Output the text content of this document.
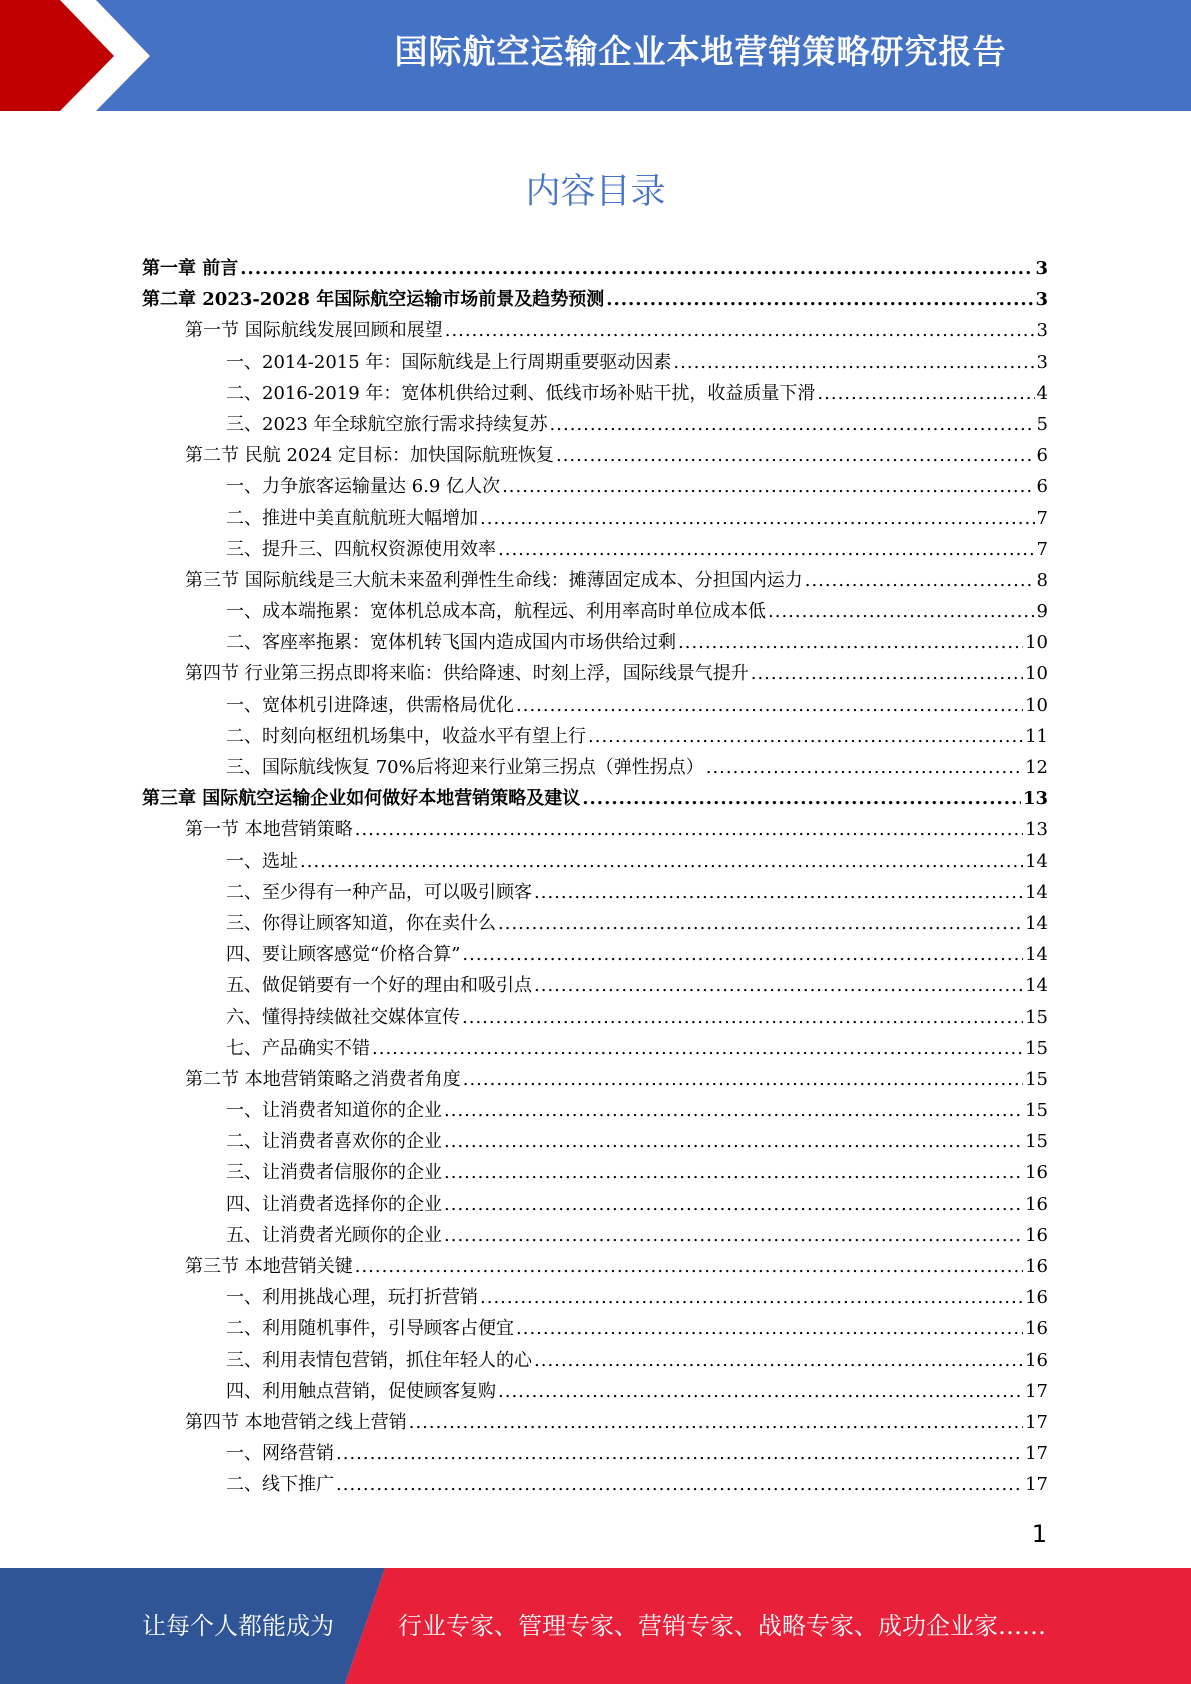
国际航空运输企业本地营销策略研究报告
内容目录
第一章 前言 .....	3
第二章 2023-2028 年国际航空运输市场前景及趋势预测 .....	3
第一节 国际航线发展回顾和展望 .....	3
一、2014-2015 年：国际航线是上行周期重要驱动因素 .....	3
二、2016-2019 年：宽体机供给过剩、低线市场补贴干扰，收益质量下滑 .....	4
三、2023 年全球航空旅行需求持续复苏 .....	5
第二节 民航 2024 定目标：加快国际航班恢复 .....	6
一、力争旅客运输量达 6.9 亿人次 .....	6
二、推进中美直航航班大幅增加 .....	7
三、提升三、四航权资源使用效率 .....	7
第三节 国际航线是三大航未来盈利弹性生命线：摊薄固定成本、分担国内运力 .....	8
一、成本端拖累：宽体机总成本高，航程远、利用率高时单位成本低 .....	9
二、客座率拖累：宽体机转飞国内造成国内市场供给过剩 .....	10
第四节 行业第三拐点即将来临：供给降速、时刻上浮，国际线景气提升 .....	10
一、宽体机引进降速，供需格局优化 .....	10
二、时刻向枢纽机场集中，收益水平有望上行 .....	11
三、国际航线恢复 70%后将迎来行业第三拐点（弹性拐点） .....	12
第三章 国际航空运输企业如何做好本地营销策略及建议 .....	13
第一节 本地营销策略 .....	13
一、选址 .....	14
二、至少得有一种产品，可以吸引顾客 .....	14
三、你得让顾客知道，你在卖什么 .....	14
四、要让顾客感觉“价格合算” .....	14
五、做促销要有一个好的理由和吸引点 .....	14
六、懂得持续做社交媒体宣传 .....	15
七、产品确实不错 .....	15
第二节 本地营销策略之消费者角度 .....	15
一、让消费者知道你的企业 .....	15
二、让消费者喜欢你的企业 .....	15
三、让消费者信服你的企业 .....	16
四、让消费者选择你的企业 .....	16
五、让消费者光顾你的企业 .....	16
第三节 本地营销关键 .....	16
一、利用挑战心理，玩打折营销 .....	16
二、利用随机事件，引导顾客占便宜 .....	16
三、利用表情包营销，抓住年轻人的心 .....	16
四、利用触点营销，促使顾客复购 .....	17
第四节 本地营销之线上营销 .....	17
一、网络营销 .....	17
二、线下推广 .....	17
1
让每个人都能成为	行业专家、管理专家、营销专家、战略专家、成功企业家……
